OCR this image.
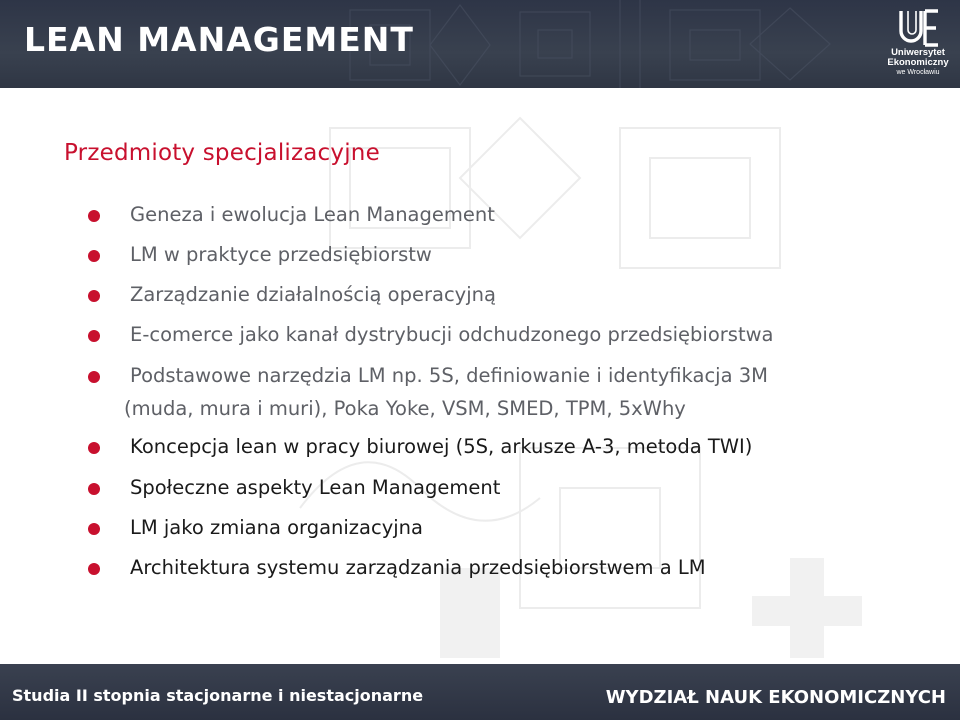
LEAN MANAGEMENT	Uniwersytet
Ekonomiczny
we Wrocławiu
Przedmioty specjalizacyjne
Geneza i ewolucja Lean Management
LM w praktyce przedsiębiorstw
Zarządzanie działalnością operacyjną
E-comerce jako kanał dystrybucji odchudzonego przedsiębiorstwa
Podstawowe narzędzia LM np. 5S, definiowanie i identyfikacja 3M
(muda, mura i muri), Poka Yoke, VSM, SMED, TPM, 5xWhy
Koncepcja lean w pracy biurowej (5S, arkusze A-3, metoda TWI)
Społeczne aspekty Lean Management
LM jako zmiana organizacyjna
Architektura systemu zarządzania przedsiębiorstwem a LM
Studia II stopnia stacjonarne i niestacjonarne	WYDZIAŁ NAUK EKONOMICZNYCH
